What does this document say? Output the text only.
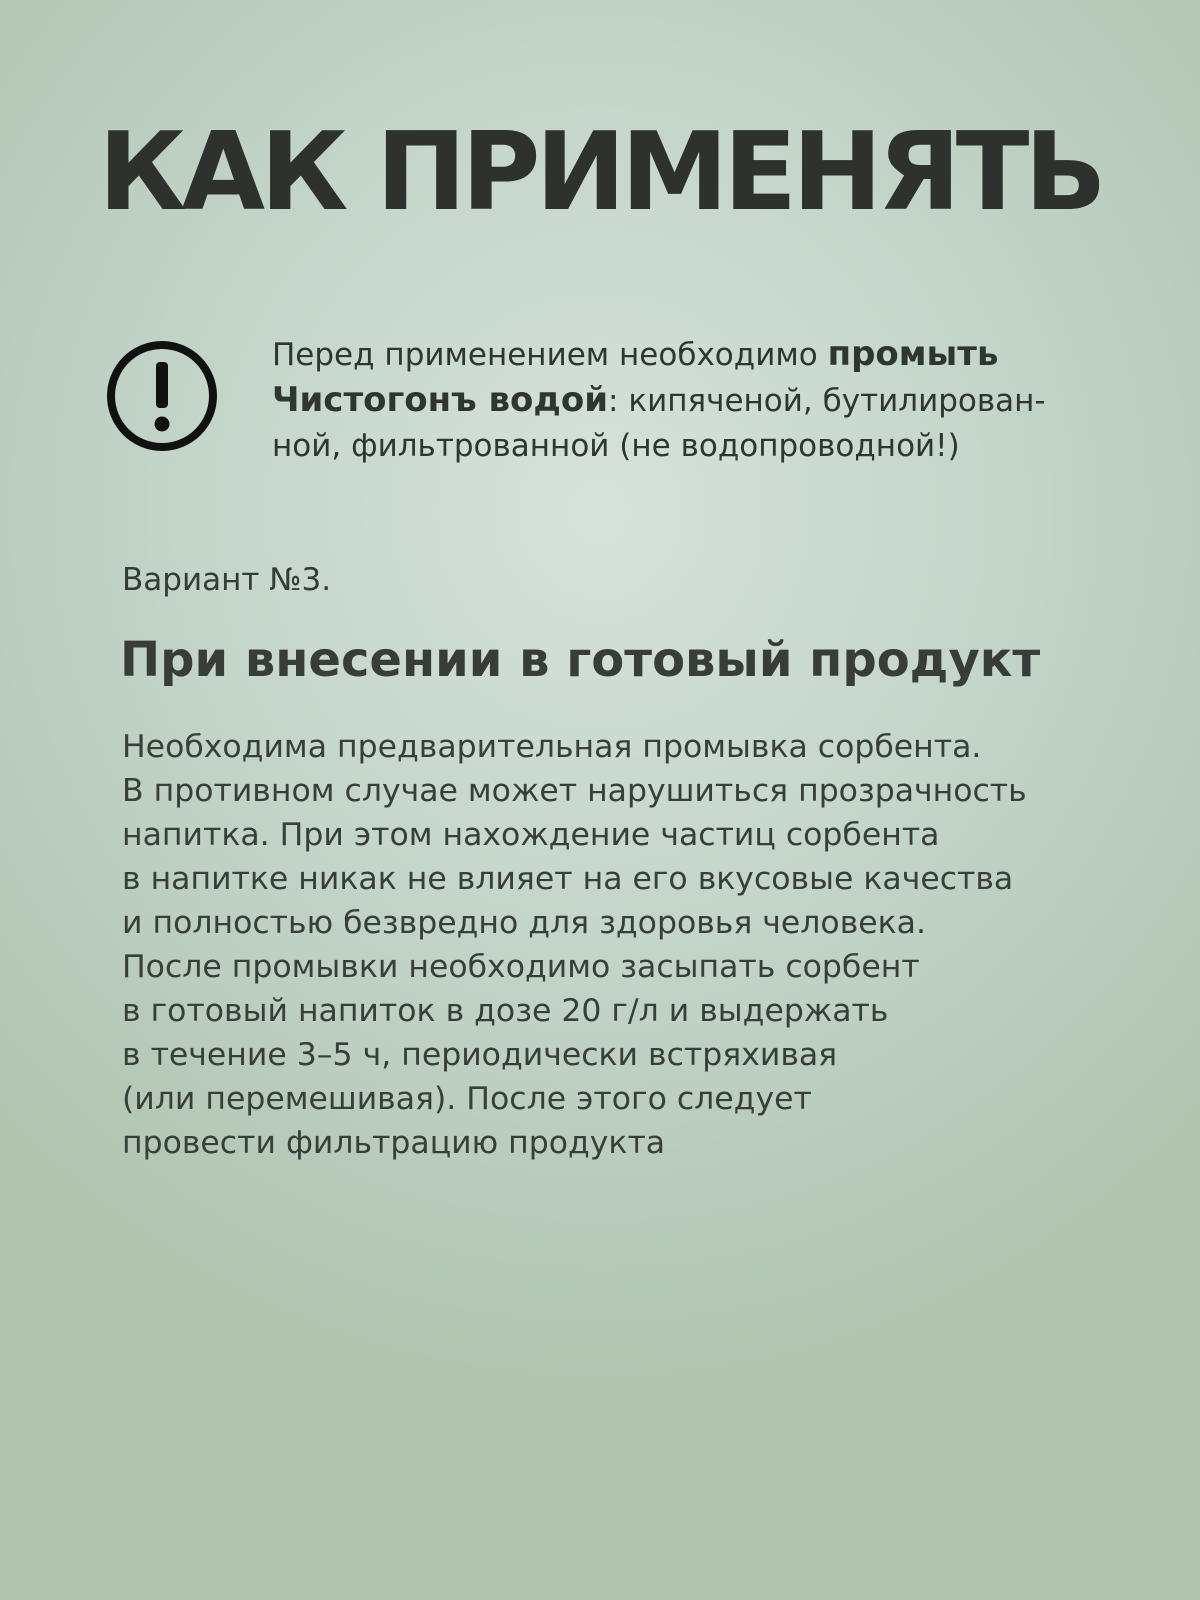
КАК ПРИМЕНЯТЬ
Перед применением необходимо промыть
Чистогонъ водой: кипяченой, бутилирован-
ной, фильтрованной (не водопроводной!)
Вариант №3.
При внесении в готовый продукт

Необходима предварительная промывка сорбента.
В противном случае может нарушиться прозрачность
напитка. При этом нахождение частиц сорбента
в напитке никак не влияет на его вкусовые качества
и полностью безвредно для здоровья человека.
После промывки необходимо засыпать сорбент
в готовый напиток в дозе 20 г/л и выдержать
в течение 3–5 ч, периодически встряхивая
(или перемешивая). После этого следует
провести фильтрацию продукта
